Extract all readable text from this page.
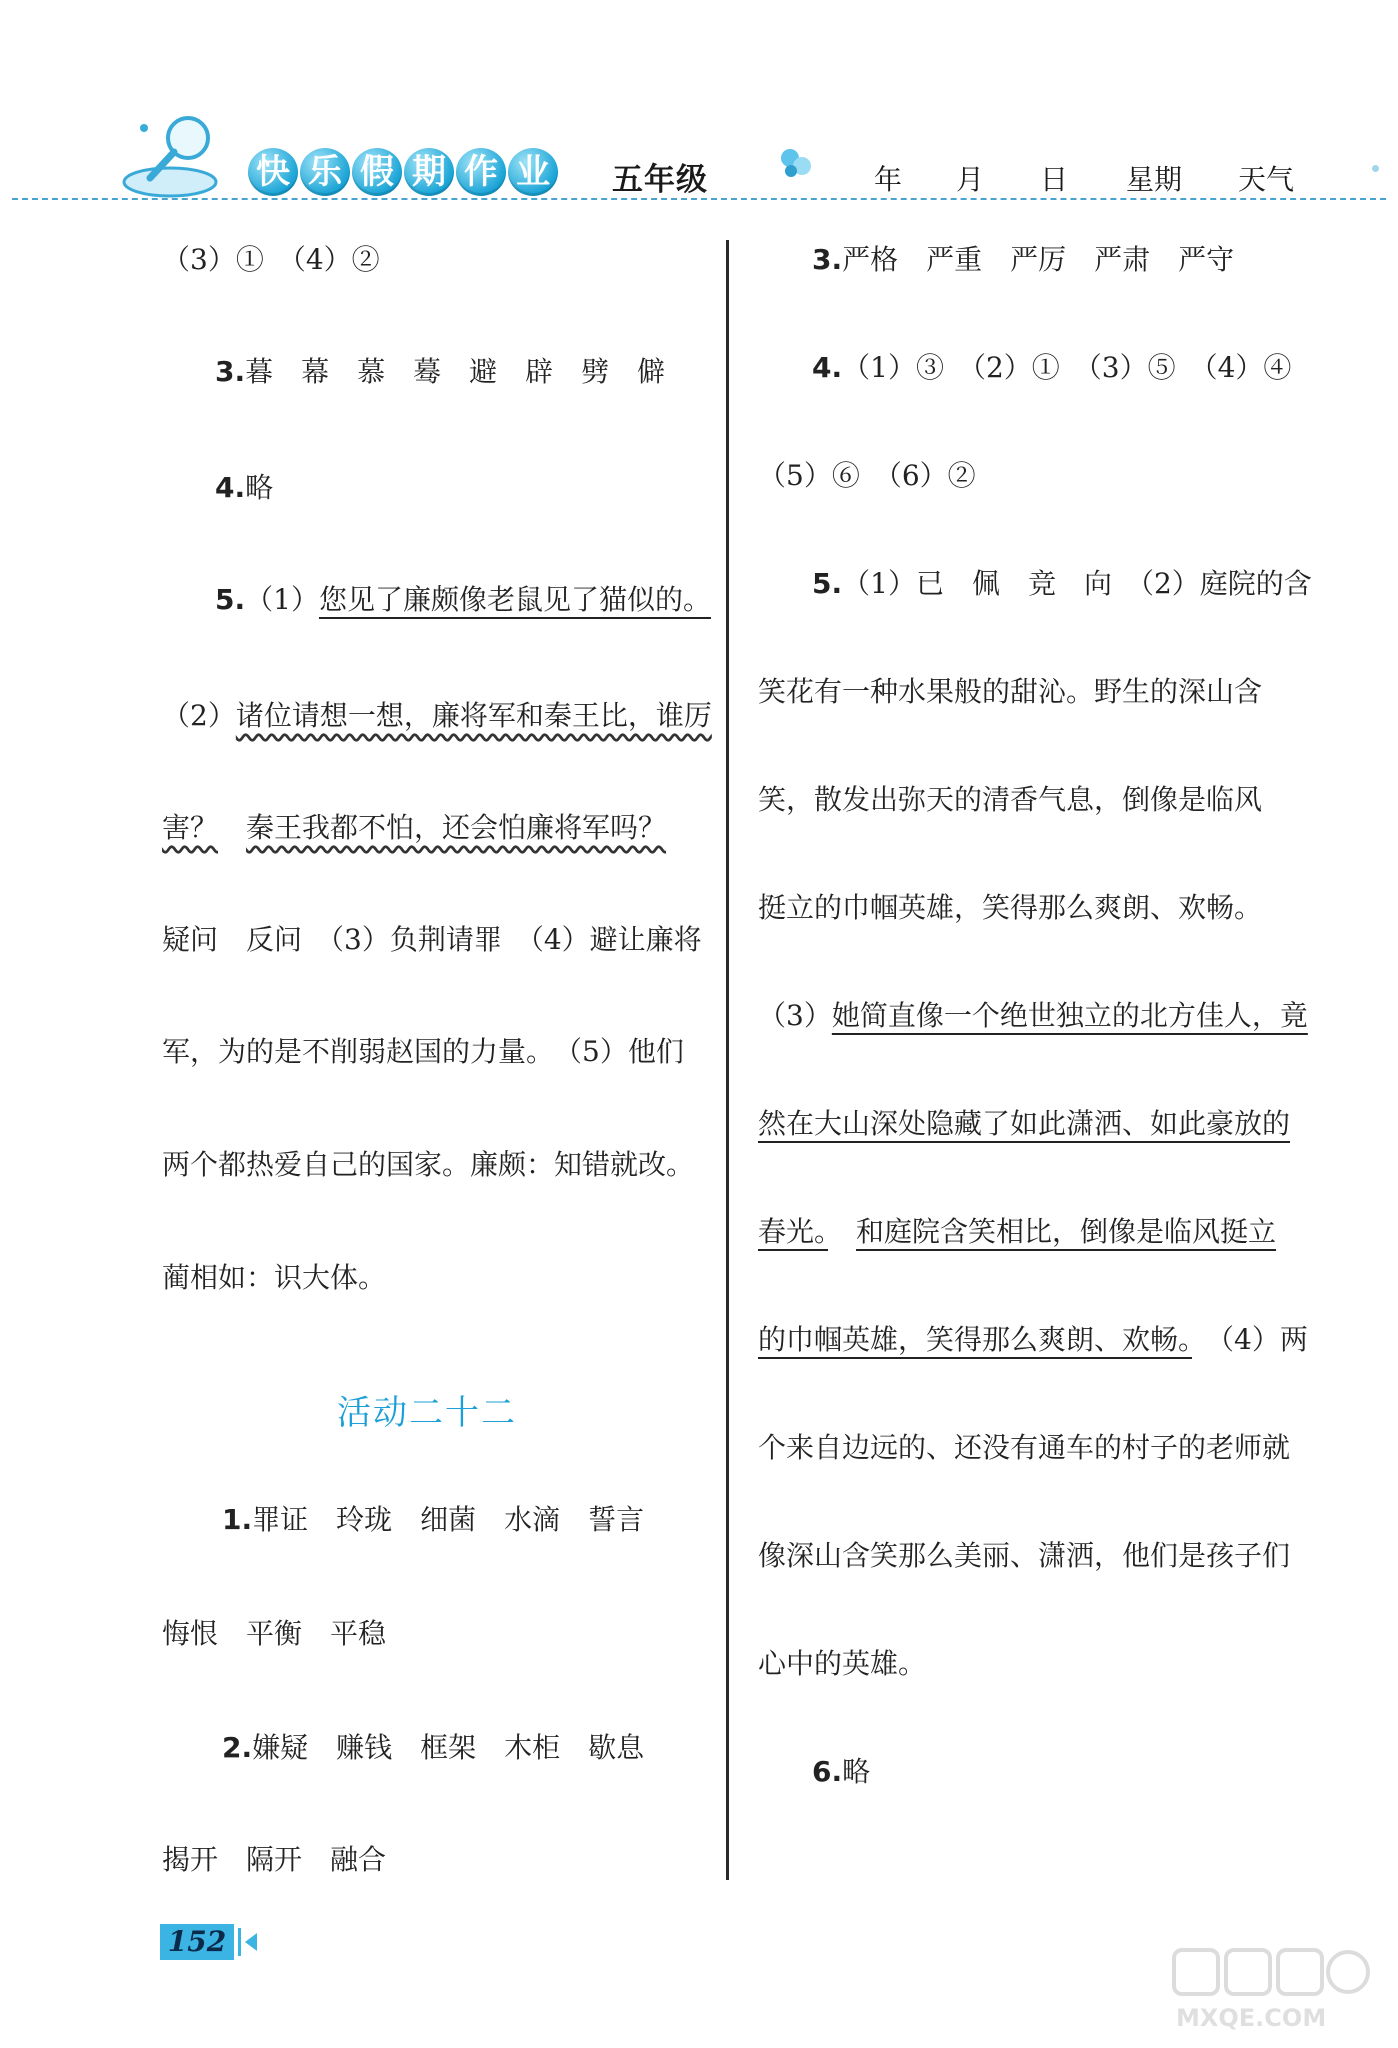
快 乐 假 期 作 业 五年级	年 月 日 星期 天气
（3）①　（4）②
3.暮　幕　慕　蓦　避　辟　劈　僻
4.略
5.（1）您见了廉颇像老鼠见了猫似的。
（2）诸位请想一想，廉将军和秦王比，谁厉
害？　 秦王我都不怕，还会怕廉将军吗？
疑问　反问　（3）负荆请罪　（4）避让廉将
军，为的是不削弱赵国的力量。　（5）他们
两个都热爱自己的国家。廉颇：知错就改。
蔺相如：识大体。
活动二十二
1.罪证　玲珑　细菌　水滴　誓言
悔恨　平衡　平稳
2.嫌疑　赚钱　框架　木柜　歇息
揭开　隔开　融合
3.严格　严重　严厉　严肃　严守
4.（1）③　（2）①　（3）⑤　（4）④
（5）⑥　（6）②
5.（1）已　佩　竞　向　（2）庭院的含
笑花有一种水果般的甜沁。野生的深山含
笑，散发出弥天的清香气息，倒像是临风
挺立的巾帼英雄，笑得那么爽朗、欢畅。
（3）她简直像一个绝世独立的北方佳人，竟
然在大山深处隐藏了如此潇洒、如此豪放的
春光。　 和庭院含笑相比，倒像是临风挺立
的巾帼英雄，笑得那么爽朗、欢畅。　（4）两
个来自边远的、还没有通车的村子的老师就
像深山含笑那么美丽、潇洒，他们是孩子们
心中的英雄。
6.略
152
MXQE.COM
